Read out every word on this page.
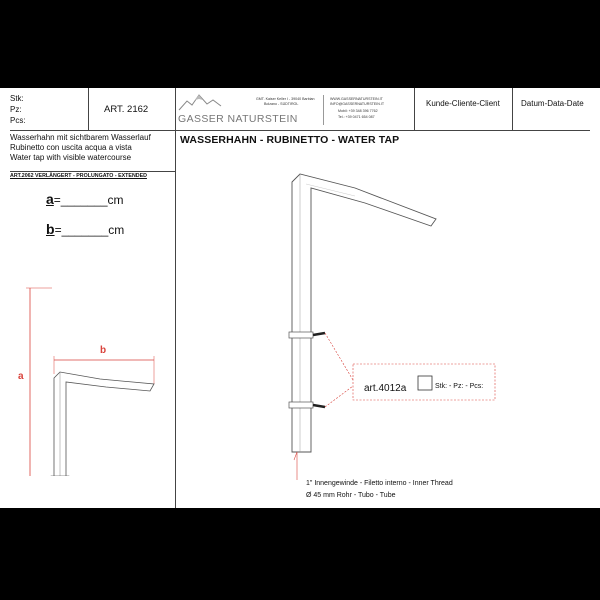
Stk:
Pz:
Pcs:
ART. 2162
GASSER NATURSTEIN
GMT. Kaiser Keller I - 39040 Barbian
Bolzano - SÜDTIROL
WWW.GASSERNATURSTEIN.IT
INFO@GASSERNATURSTEIN.IT
Mobil: +39 348 396 7762
Tel.: +39 0471 654 087
Kunde-Cliente-Client	Datum-Data-Date
Wasserhahn mit sichtbarem Wasserlauf
Rubinetto con uscita acqua a vista
Water tap with visible watercourse
ART.2062 VERLÄNGERT - PROLUNGATO - EXTENDED
a=_______cm
b=_______cm
WASSERHAHN - RUBINETTO - WATER TAP
a
b
art.4012a	Stk: - Pz: - Pcs:
1" Innengewinde - Filetto interno - Inner Thread
Ø 45 mm Rohr - Tubo - Tube
